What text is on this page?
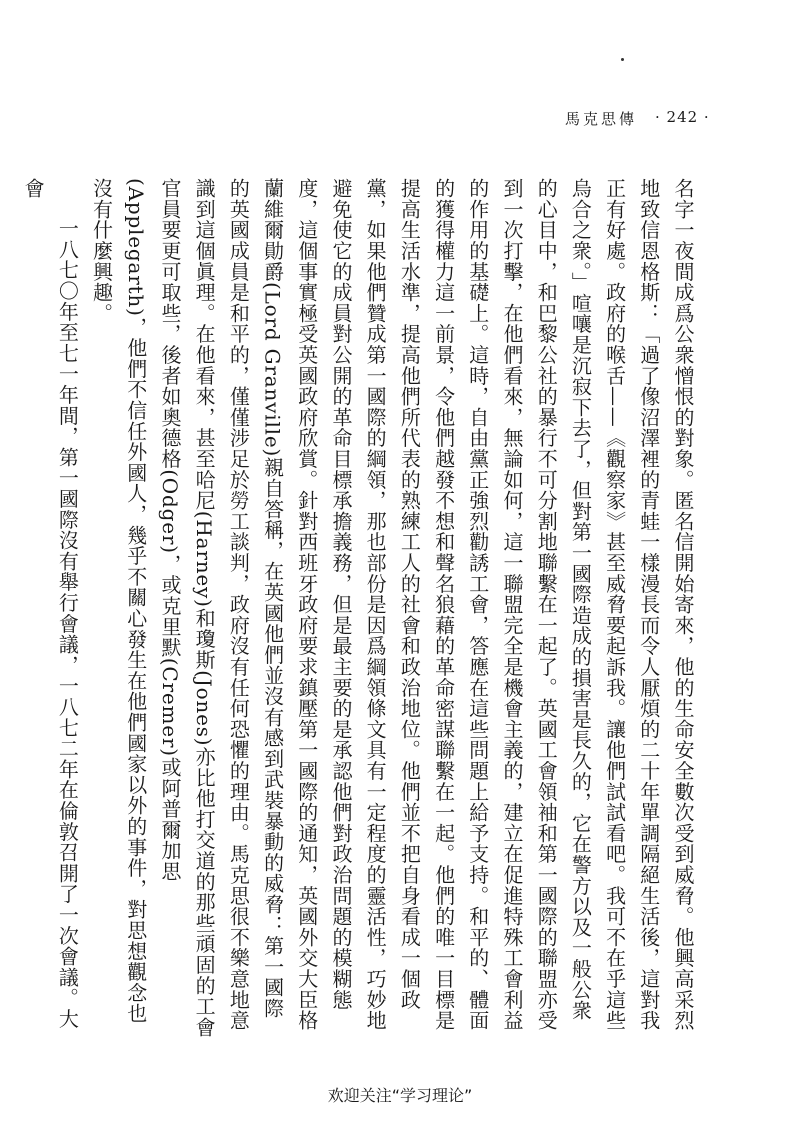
馬克思傳 · 242 ·

名字一夜間成爲公衆憎恨的對象。匿名信開始寄來，他的生命安全數次受到威脅。他興高采烈地致信恩格斯：「過了像沼澤裡的青蛙一樣漫長而令人厭煩的二十年單調隔絕生活後，這對我正有好處。政府的喉舌——《觀察家》甚至威脅要起訴我。讓他們試試看吧。我可不在乎這些烏合之衆。」喧嚷是沉寂下去了，但對第一國際造成的損害是長久的，它在警方以及一般公衆的心目中，和巴黎公社的暴行不可分割地聯繫在一起了。英國工會領袖和第一國際的聯盟亦受到一次打擊，在他們看來，無論如何，這一聯盟完全是機會主義的，建立在促進特殊工會利益的作用的基礎上。這時，自由黨正強烈勸誘工會，答應在這些問題上給予支持。和平的、體面的獲得權力這一前景，令他們越發不想和聲名狼藉的革命密謀聯繫在一起。他們的唯一目標是提高生活水準，提高他們所代表的熟練工人的社會和政治地位。他們並不把自身看成一個政黨，如果他們贊成第一國際的綱領，那也部份是因爲綱領條文具有一定程度的靈活性，巧妙地避免使它的成員對公開的革命目標承擔義務，但是最主要的是承認他們對政治問題的模糊態度，這個事實極受英國政府欣賞。針對西班牙政府要求鎮壓第一國際的通知，英國外交大臣格蘭維爾勛爵(Lord Granville)親自答稱，在英國他們並沒有感到武裝暴動的威脅：第一國際的英國成員是和平的，僅僅涉足於勞工談判，政府沒有任何恐懼的理由。馬克思很不樂意地意識到這個眞理。在他看來，甚至哈尼(Harney)和瓊斯(Jones)亦比他打交道的那些頑固的工會官員要更可取些，後者如奧德格(Odger)，或克里默(Cremer)或阿普爾加思(Applegarth)，他們不信任外國人，幾乎不關心發生在他們國家以外的事件，對思想觀念也沒有什麼興趣。

一八七〇年至七一年間，第一國際沒有舉行會議，一八七二年在倫敦召開了一次會議。大會

欢迎关注“学习理论”
